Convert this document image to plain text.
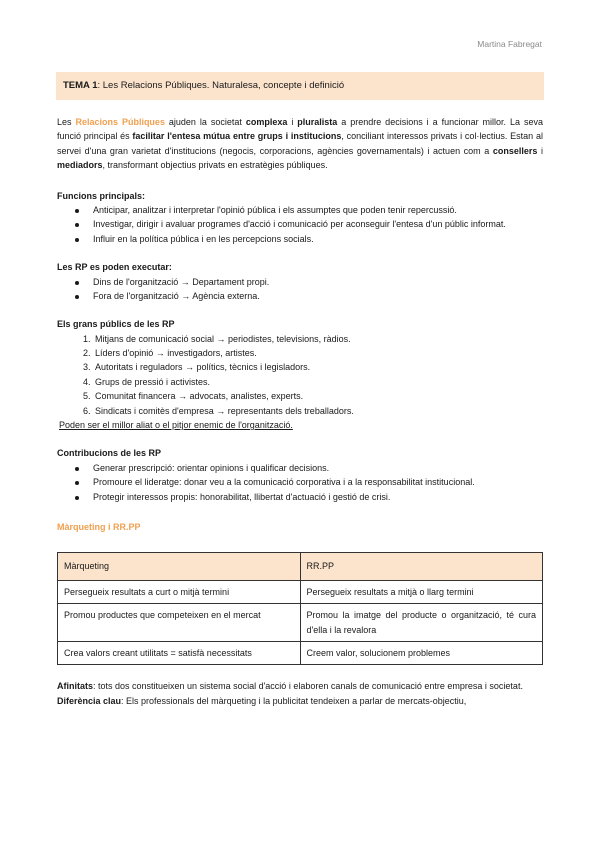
Martina Fabregat
TEMA 1: Les Relacions Públiques. Naturalesa, concepte i definició

Les Relacions Públiques ajuden la societat complexa i pluralista a prendre decisions i a funcionar millor. La seva funció principal és facilitar l'entesa mútua entre grups i institucions, conciliant interessos privats i col·lectius. Estan al servei d'una gran varietat d'institucions (negocis, corporacions, agències governamentals) i actuen com a consellers i mediadors, transformant objectius privats en estratègies públiques.

Funcions principals:

Anticipar, analitzar i interpretar l'opinió pública i els assumptes que poden tenir repercussió.
Investigar, dirigir i avaluar programes d'acció i comunicació per aconseguir l'entesa d'un públic informat.
Influir en la política pública i en les percepcions socials.

Les RP es poden executar:

Dins de l'organització → Departament propi.
Fora de l'organització → Agència externa.

Els grans públics de les RP

1. Mitjans de comunicació social → periodistes, televisions, ràdios.
2. Líders d'opinió → investigadors, artistes.
3. Autoritats i reguladors → polítics, tècnics i legisladors.
4. Grups de pressió i activistes.
5. Comunitat financera → advocats, analistes, experts.
6. Sindicats i comitès d'empresa → representants dels treballadors.

Poden ser el millor aliat o el pitjor enemic de l'organització.

Contribucions de les RP

Generar prescripció: orientar opinions i qualificar decisions.
Promoure el lideratge: donar veu a la comunicació corporativa i a la responsabilitat institucional.
Protegir interessos propis: honorabilitat, llibertat d'actuació i gestió de crisi.

Màrqueting i RR.PP

Màrqueting	RR.PP
Persegueix resultats a curt o mitjà termini	Persegueix resultats a mitjà o llarg termini
Promou productes que competeixen en el mercat	Promou la imatge del producte o organització, té cura d'ella i la revalora
Crea valors creant utilitats = satisfà necessitats	Creem valor, solucionem problemes

Afinitats: tots dos constitueixen un sistema social d'acció i elaboren canals de comunicació entre empresa i societat.

Diferència clau: Els professionals del màrqueting i la publicitat tendeixen a parlar de mercats-objectiu,
